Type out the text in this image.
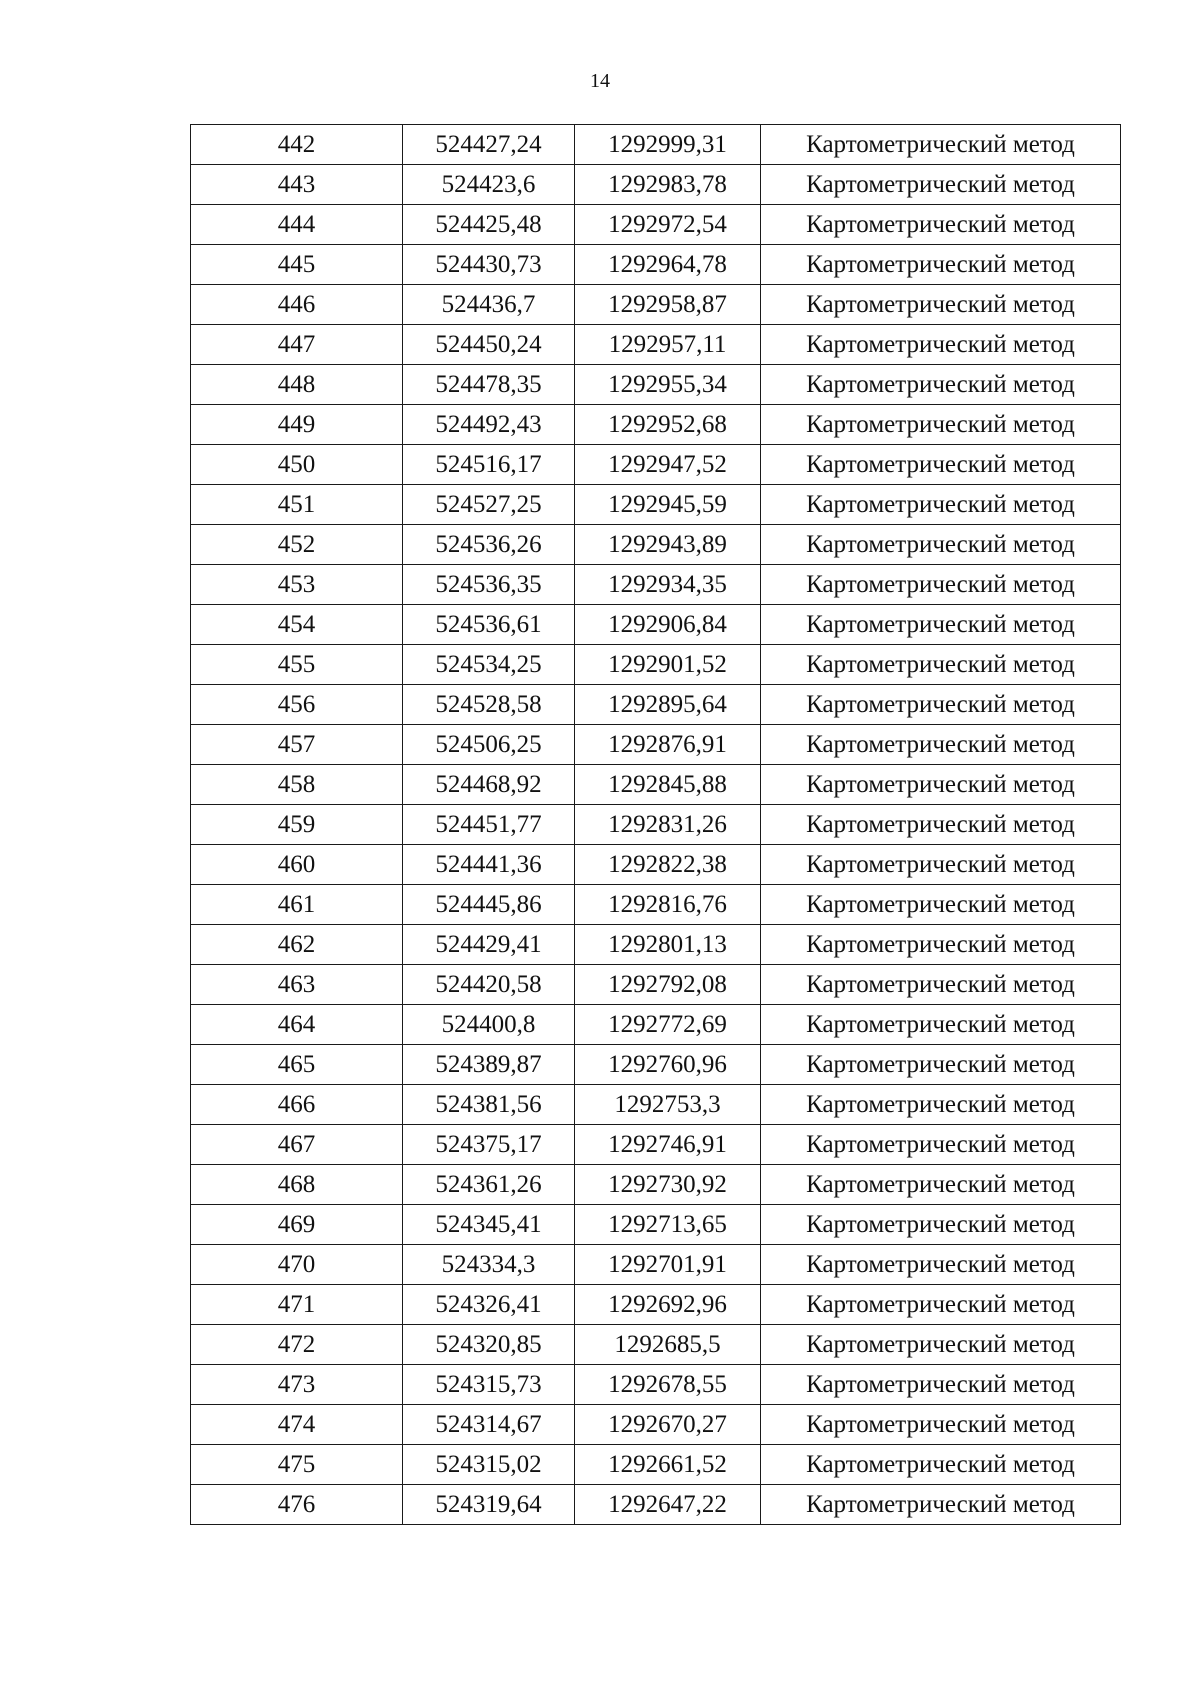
14
442	524427,24	1292999,31	Картометрический метод
443	524423,6	1292983,78	Картометрический метод
444	524425,48	1292972,54	Картометрический метод
445	524430,73	1292964,78	Картометрический метод
446	524436,7	1292958,87	Картометрический метод
447	524450,24	1292957,11	Картометрический метод
448	524478,35	1292955,34	Картометрический метод
449	524492,43	1292952,68	Картометрический метод
450	524516,17	1292947,52	Картометрический метод
451	524527,25	1292945,59	Картометрический метод
452	524536,26	1292943,89	Картометрический метод
453	524536,35	1292934,35	Картометрический метод
454	524536,61	1292906,84	Картометрический метод
455	524534,25	1292901,52	Картометрический метод
456	524528,58	1292895,64	Картометрический метод
457	524506,25	1292876,91	Картометрический метод
458	524468,92	1292845,88	Картометрический метод
459	524451,77	1292831,26	Картометрический метод
460	524441,36	1292822,38	Картометрический метод
461	524445,86	1292816,76	Картометрический метод
462	524429,41	1292801,13	Картометрический метод
463	524420,58	1292792,08	Картометрический метод
464	524400,8	1292772,69	Картометрический метод
465	524389,87	1292760,96	Картометрический метод
466	524381,56	1292753,3	Картометрический метод
467	524375,17	1292746,91	Картометрический метод
468	524361,26	1292730,92	Картометрический метод
469	524345,41	1292713,65	Картометрический метод
470	524334,3	1292701,91	Картометрический метод
471	524326,41	1292692,96	Картометрический метод
472	524320,85	1292685,5	Картометрический метод
473	524315,73	1292678,55	Картометрический метод
474	524314,67	1292670,27	Картометрический метод
475	524315,02	1292661,52	Картометрический метод
476	524319,64	1292647,22	Картометрический метод
